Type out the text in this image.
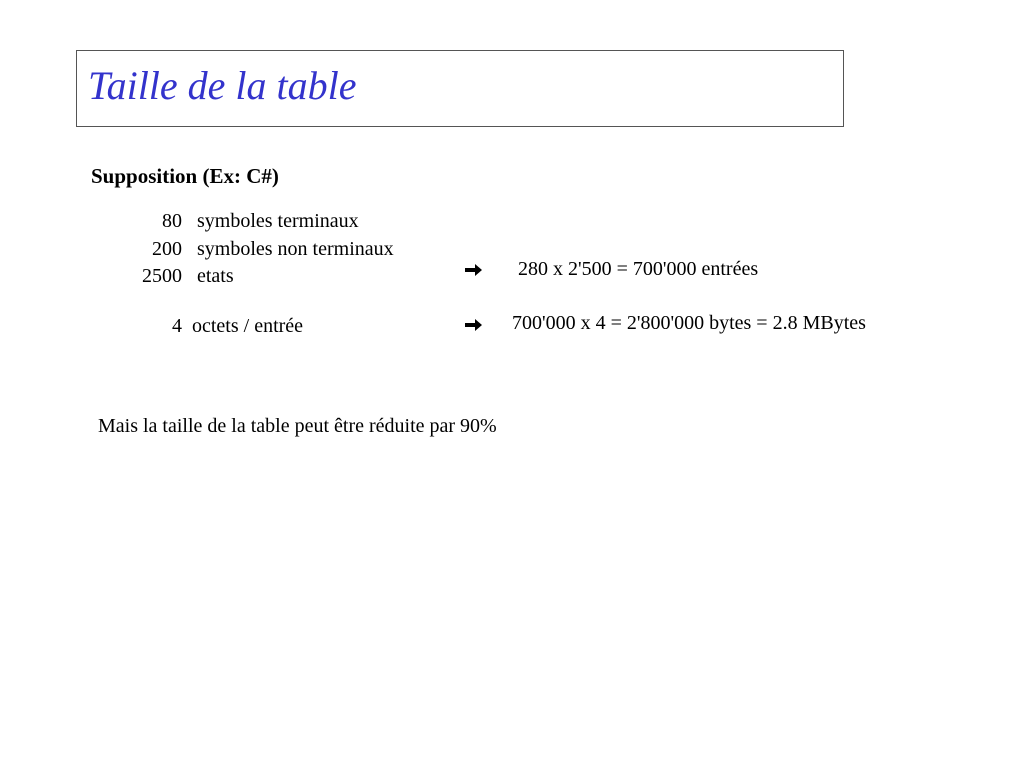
Taille de la table
Supposition (Ex: C#)
80 symboles terminaux
200 symboles non terminaux
2500 etats
4 octets / entrée
280 x 2'500 = 700'000 entrées
700'000 x 4 = 2'800'000 bytes = 2.8 MBytes
Mais la taille de la table peut être réduite par 90%
